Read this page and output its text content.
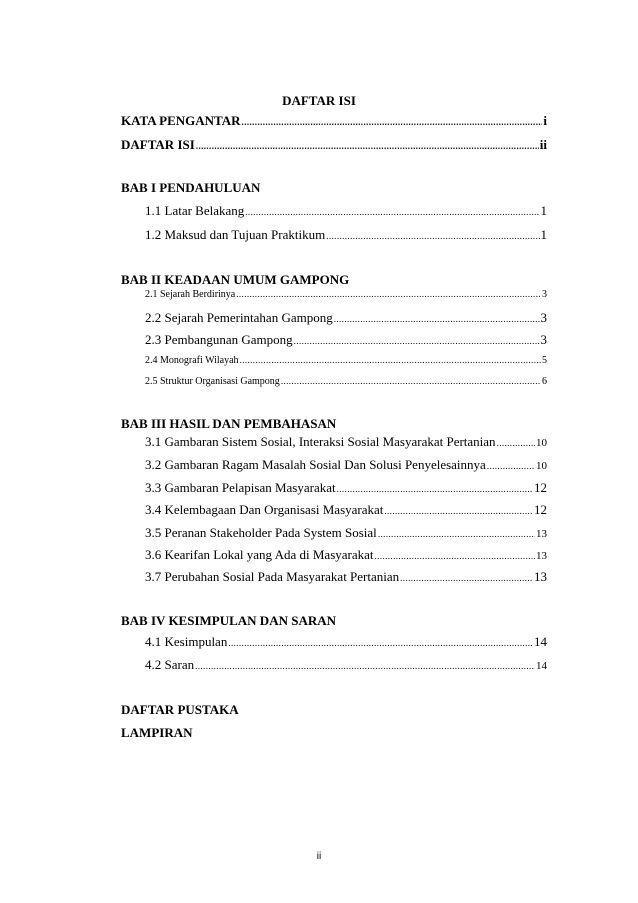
DAFTAR ISI
KATA PENGANTAR .....	i
DAFTAR ISI .....	ii
BAB I PENDAHULUAN
1.1 Latar Belakang .....	1
1.2 Maksud dan Tujuan Praktikum .....	1
BAB II KEADAAN UMUM GAMPONG
2.1 Sejarah Berdirinya .....	3
2.2 Sejarah Pemerintahan Gampong .....	3
2.3 Pembangunan Gampong .....	3
2.4 Monografi Wilayah .....	5
2.5 Struktur Organisasi Gampong .....	6
BAB III HASIL DAN PEMBAHASAN
3.1 Gambaran Sistem Sosial, Interaksi Sosial Masyarakat Pertanian .....	10
3.2 Gambaran Ragam Masalah Sosial Dan Solusi Penyelesainnya .....	10
3.3 Gambaran Pelapisan Masyarakat .....	12
3.4 Kelembagaan Dan Organisasi Masyarakat .....	12
3.5 Peranan Stakeholder Pada System Sosial .....	13
3.6 Kearifan Lokal yang Ada di Masyarakat .....	13
3.7 Perubahan Sosial Pada Masyarakat Pertanian .....	13
BAB IV KESIMPULAN DAN SARAN
4.1 Kesimpulan .....	14
4.2 Saran .....	14
DAFTAR PUSTAKA
LAMPIRAN
ii
